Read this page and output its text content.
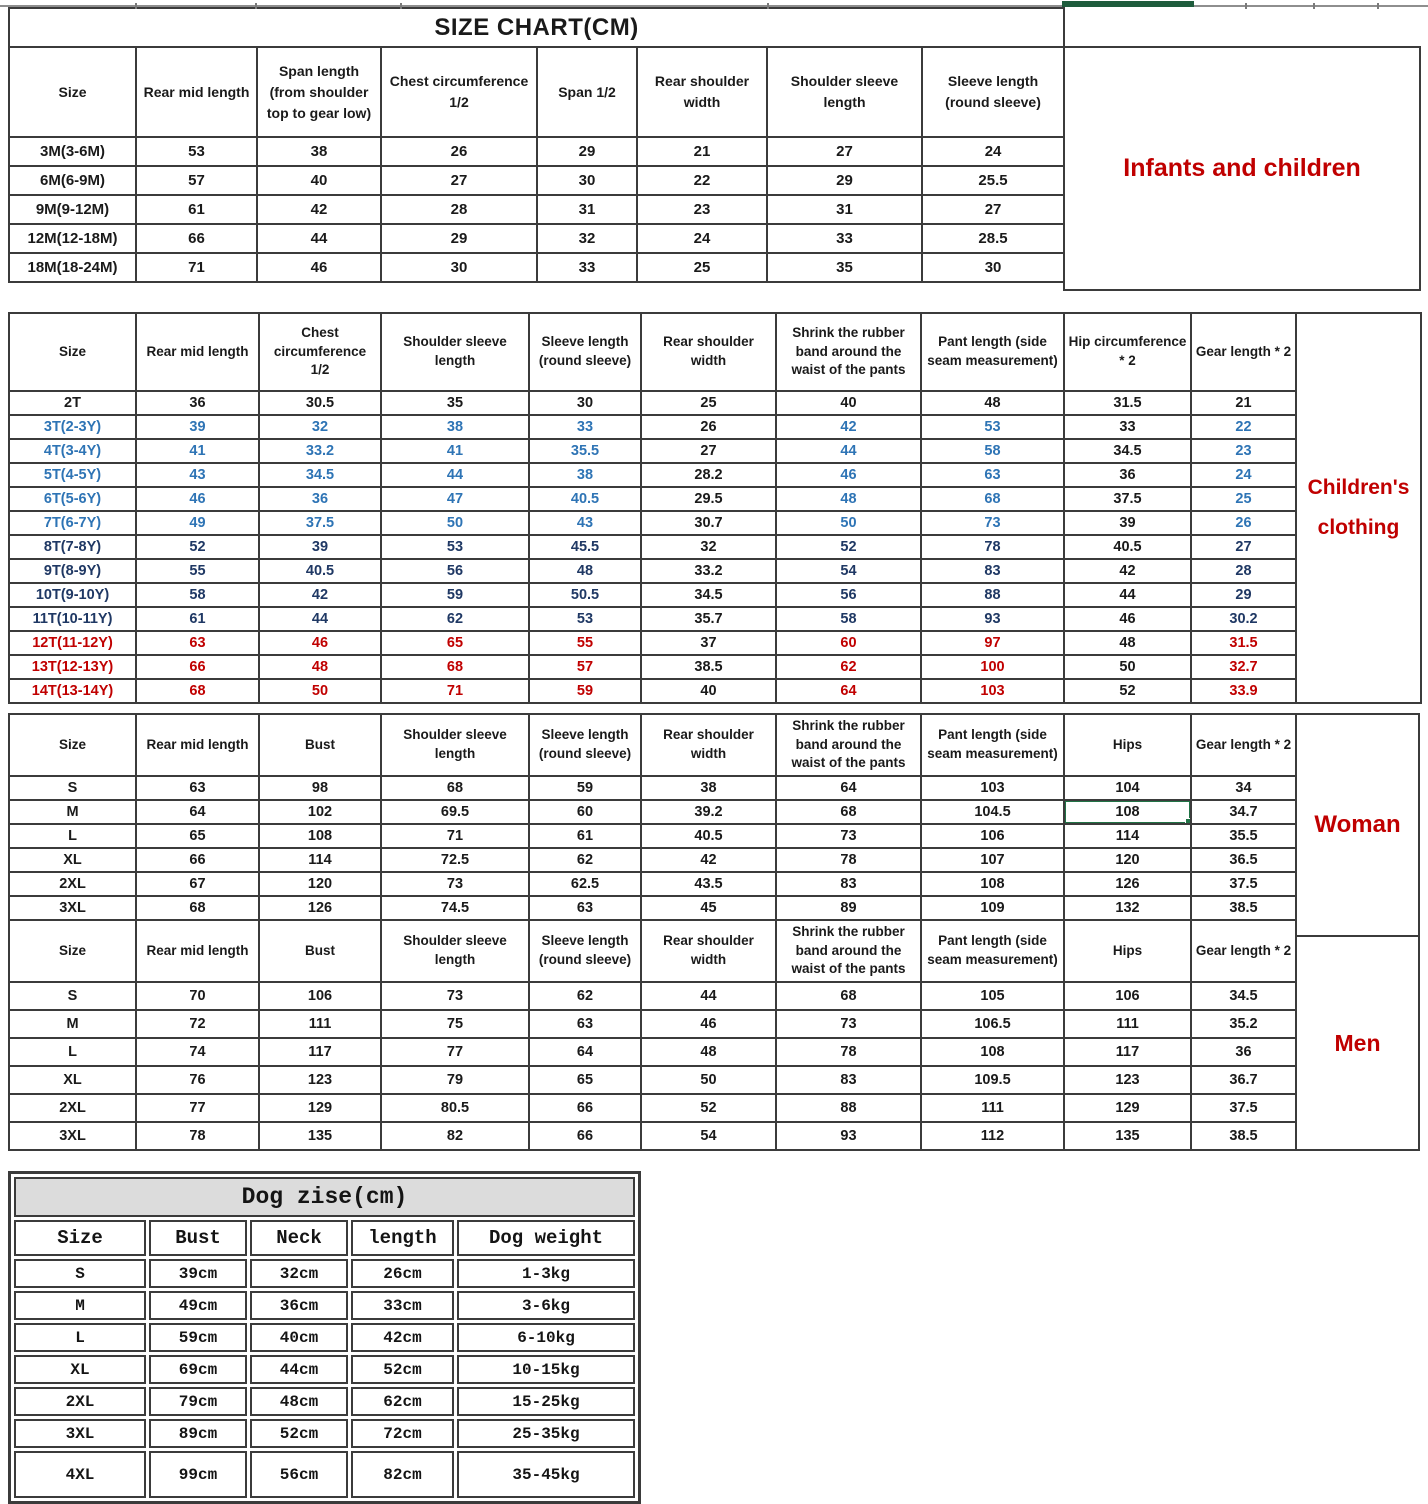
SIZE CHART(CM)							
Size	Rear mid length	Span length (from shoulder top to gear low)	Chest circumference 1/2	Span 1/2	Rear shoulder width	Shoulder sleeve length	Sleeve length (round sleeve)
3M(3-6M)	53	38	26	29	21	27	24
6M(6-9M)	57	40	27	30	22	29	25.5
9M(9-12M)	61	42	28	31	23	31	27
12M(12-18M)	66	44	29	32	24	33	28.5
18M(18-24M)	71	46	30	33	25	35	30
Infants and children
Size	Rear mid length	Chest circumference 1/2	Shoulder sleeve length	Sleeve length (round sleeve)	Rear shoulder width	Shrink the rubber band around the waist of the pants	Pant length (side seam measurement)	Hip circumference * 2	Gear length * 2
2T	36	30.5	35	30	25	40	48	31.5	21
3T(2-3Y)	39	32	38	33	26	42	53	33	22
4T(3-4Y)	41	33.2	41	35.5	27	44	58	34.5	23
5T(4-5Y)	43	34.5	44	38	28.2	46	63	36	24
6T(5-6Y)	46	36	47	40.5	29.5	48	68	37.5	25
7T(6-7Y)	49	37.5	50	43	30.7	50	73	39	26
8T(7-8Y)	52	39	53	45.5	32	52	78	40.5	27
9T(8-9Y)	55	40.5	56	48	33.2	54	83	42	28
10T(9-10Y)	58	42	59	50.5	34.5	56	88	44	29
11T(10-11Y)	61	44	62	53	35.7	58	93	46	30.2
12T(11-12Y)	63	46	65	55	37	60	97	48	31.5
13T(12-13Y)	66	48	68	57	38.5	62	100	50	32.7
14T(13-14Y)	68	50	71	59	40	64	103	52	33.9
Children's clothing
Size	Rear mid length	Bust	Shoulder sleeve length	Sleeve length (round sleeve)	Rear shoulder width	Shrink the rubber band around the waist of the pants	Pant length (side seam measurement)	Hips	Gear length * 2
S	63	98	68	59	38	64	103	104	34
M	64	102	69.5	60	39.2	68	104.5	108	34.7
L	65	108	71	61	40.5	73	106	114	35.5
XL	66	114	72.5	62	42	78	107	120	36.5
2XL	67	120	73	62.5	43.5	83	108	126	37.5
3XL	68	126	74.5	63	45	89	109	132	38.5
Size	Rear mid length	Bust	Shoulder sleeve length	Sleeve length (round sleeve)	Rear shoulder width	Shrink the rubber band around the waist of the pants	Pant length (side seam measurement)	Hips	Gear length * 2
S	70	106	73	62	44	68	105	106	34.5
M	72	111	75	63	46	73	106.5	111	35.2
L	74	117	77	64	48	78	108	117	36
XL	76	123	79	65	50	83	109.5	123	36.7
2XL	77	129	80.5	66	52	88	111	129	37.5
3XL	78	135	82	66	54	93	112	135	38.5
Woman
Men
Dog zise(cm)				
Size	Bust	Neck	length	Dog weight
S	39cm	32cm	26cm	1-3kg
M	49cm	36cm	33cm	3-6kg
L	59cm	40cm	42cm	6-10kg
XL	69cm	44cm	52cm	10-15kg
2XL	79cm	48cm	62cm	15-25kg
3XL	89cm	52cm	72cm	25-35kg
4XL	99cm	56cm	82cm	35-45kg
